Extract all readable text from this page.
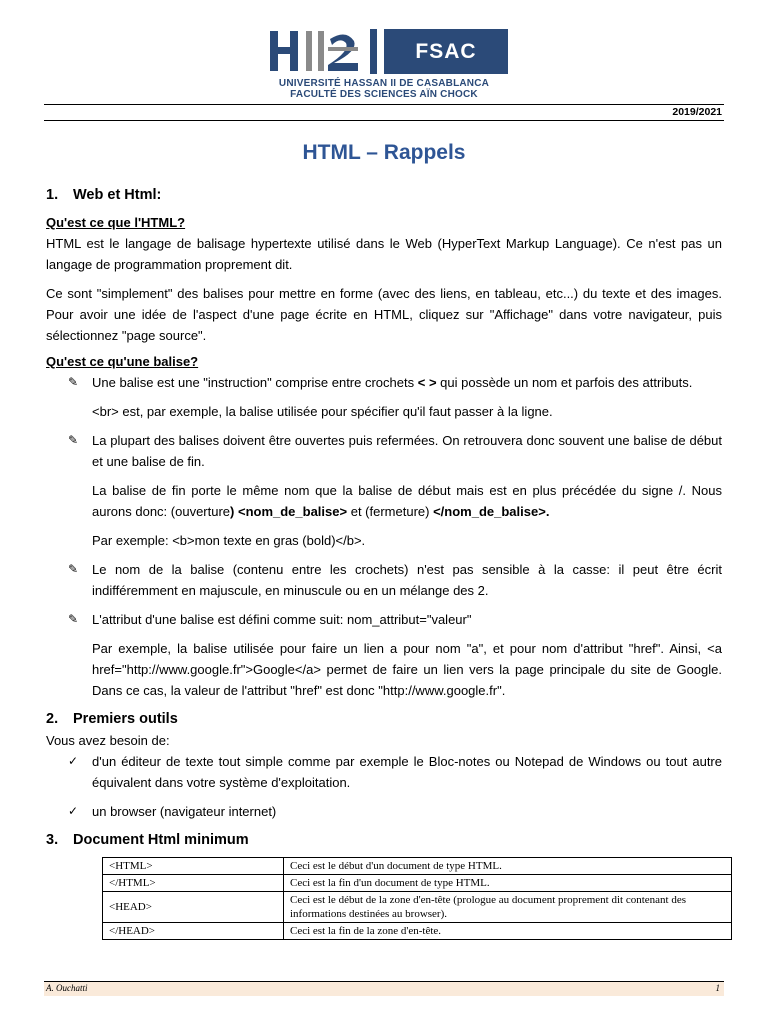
FSAC
UNIVERSITÉ HASSAN II DE CASABLANCA
FACULTÉ DES SCIENCES AÏN CHOCK
2019/2021
HTML – Rappels
1. Web et Html:
Qu'est ce que l'HTML?

HTML est le langage de balisage hypertexte utilisé dans le Web (HyperText Markup Language). Ce n'est pas un langage de programmation proprement dit.

Ce sont "simplement" des balises pour mettre en forme (avec des liens, en tableau, etc...) du texte et des images. Pour avoir une idée de l'aspect d'une page écrite en HTML, cliquez sur "Affichage" dans votre navigateur, puis sélectionnez "page source".

Qu'est ce qu'une balise?
✎ Une balise est une "instruction" comprise entre crochets < > qui possède un nom et parfois des attributs.

<br> est, par exemple, la balise utilisée pour spécifier qu'il faut passer à la ligne.

✎ La plupart des balises doivent être ouvertes puis refermées. On retrouvera donc souvent une balise de début et une balise de fin.

La balise de fin porte le même nom que la balise de début mais est en plus précédée du signe /. Nous aurons donc: (ouverture) <nom_de_balise> et (fermeture) </nom_de_balise>.

Par exemple: <b>mon texte en gras (bold)</b>.

✎ Le nom de la balise (contenu entre les crochets) n'est pas sensible à la casse: il peut être écrit indifféremment en majuscule, en minuscule ou en un mélange des 2.

✎ L'attribut d'une balise est défini comme suit: nom_attribut="valeur"

Par exemple, la balise utilisée pour faire un lien a pour nom "a", et pour nom d'attribut "href". Ainsi, <a href="http://www.google.fr">Google</a> permet de faire un lien vers la page principale du site de Google. Dans ce cas, la valeur de l'attribut "href" est donc "http://www.google.fr".

2. Premiers outils

Vous avez besoin de:

✓ d'un éditeur de texte tout simple comme par exemple le Bloc-notes ou Notepad de Windows ou tout autre équivalent dans votre système d'exploitation.

✓ un browser (navigateur internet)

3. Document Html minimum
<HTML>	Ceci est le début d'un document de type HTML.
</HTML>	Ceci est la fin d'un document de type HTML.
<HEAD>	Ceci est le début de la zone d'en-tête (prologue au document proprement dit contenant des informations destinées au browser).
</HEAD>	Ceci est la fin de la zone d'en-tête.
A. Ouchatti	1
